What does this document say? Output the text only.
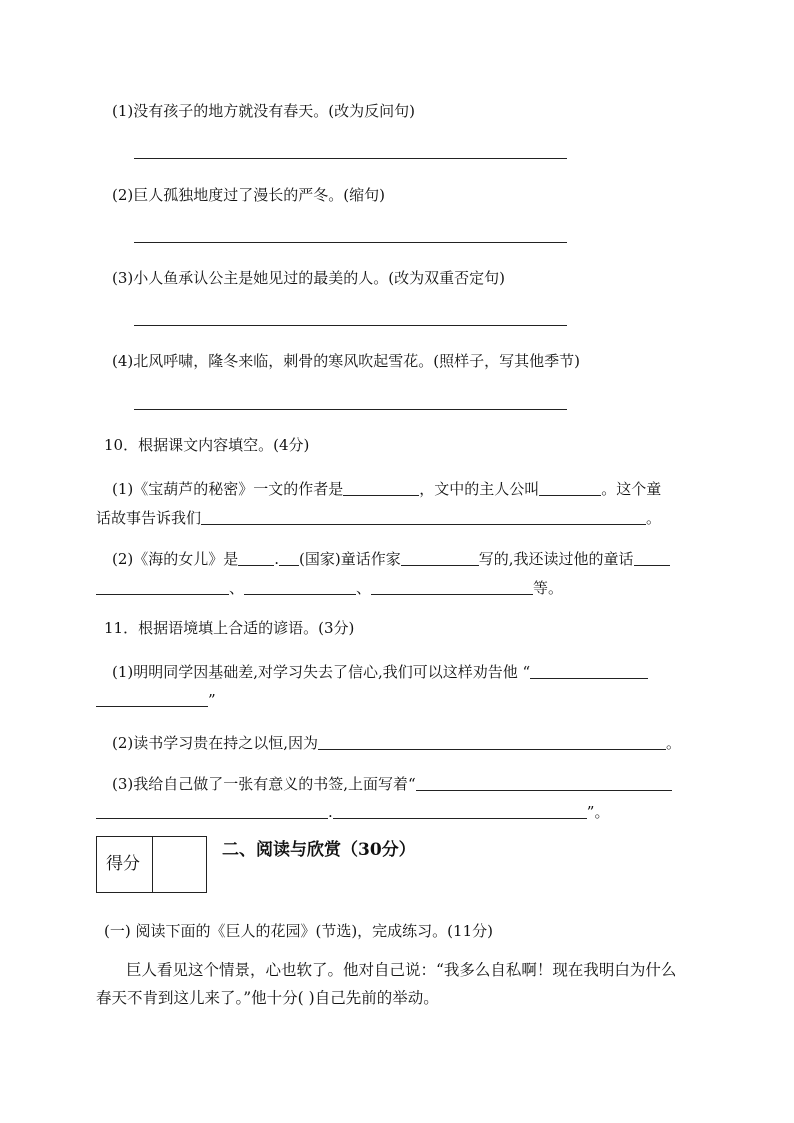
(1)没有孩子的地方就没有春天。(改为反问句)
(2)巨人孤独地度过了漫长的严冬。(缩句)
(3)小人鱼承认公主是她见过的最美的人。(改为双重否定句)
(4)北风呼啸，隆冬来临，刺骨的寒风吹起雪花。(照样子，写其他季节)
10．根据课文内容填空。(4分)
(1)《宝葫芦的秘密》一文的作者是	，文中的主人公叫	。这个童
话故事告诉我们	。
(2)《海的女儿》是 . (国家)童话作家	写的,我还读过他的童话
、	、	等。
11．根据语境填上合适的谚语。(3分)
(1)明明同学因基础差,对学习失去了信心,我们可以这样劝告他 “
”
(2)读书学习贵在持之以恒,因为	。
(3)我给自己做了一张有意义的书签,上面写着“
.	”。
得分
二、阅读与欣赏（30分）
(一) 阅读下面的《巨人的花园》(节选)，完成练习。(11分)
巨人看见这个情景，心也软了。他对自己说：“我多么自私啊！现在我明白为什么
春天不肯到这儿来了。”他十分( )自己先前的举动。
